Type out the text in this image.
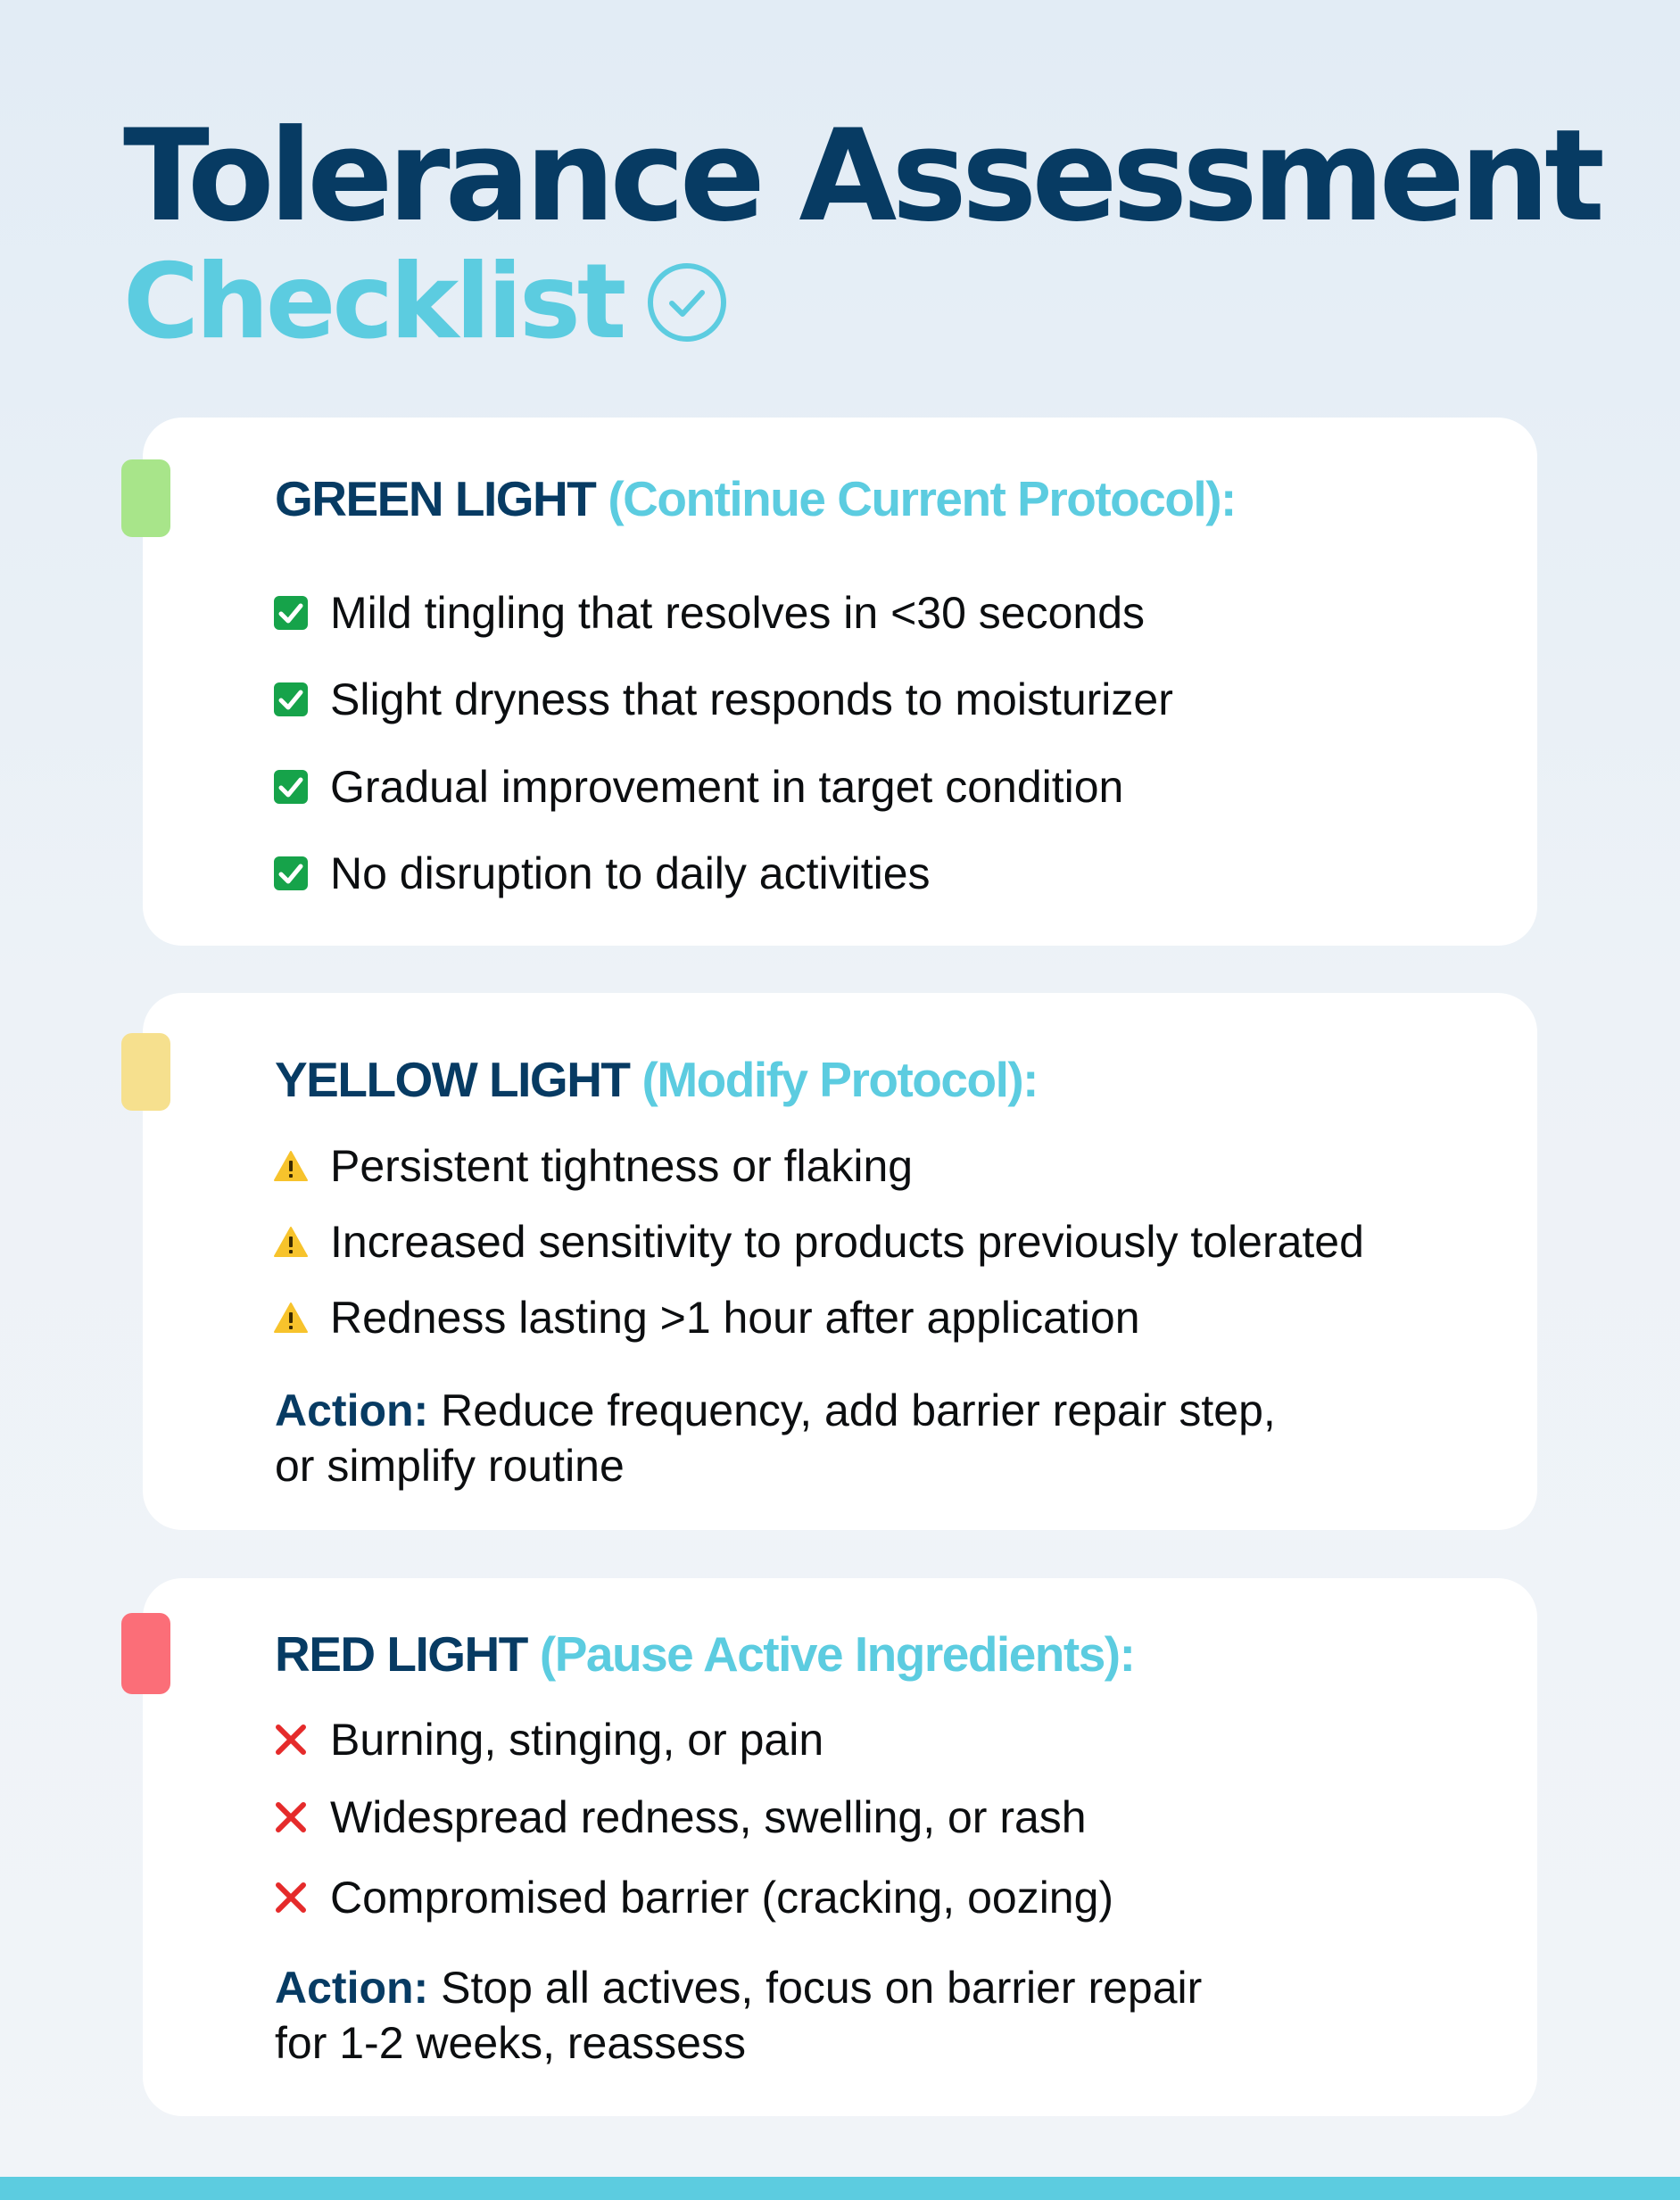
Tolerance Assessment
Checklist
GREEN LIGHT (Continue Current Protocol):
Mild tingling that resolves in <30 seconds
Slight dryness that responds to moisturizer
Gradual improvement in target condition
No disruption to daily activities
YELLOW LIGHT (Modify Protocol):
Persistent tightness or flaking
Increased sensitivity to products previously tolerated
Redness lasting >1 hour after application
Action: Reduce frequency, add barrier repair step,
or simplify routine
RED LIGHT (Pause Active Ingredients):
Burning, stinging, or pain
Widespread redness, swelling, or rash
Compromised barrier (cracking, oozing)
Action: Stop all actives, focus on barrier repair
for 1-2 weeks, reassess
